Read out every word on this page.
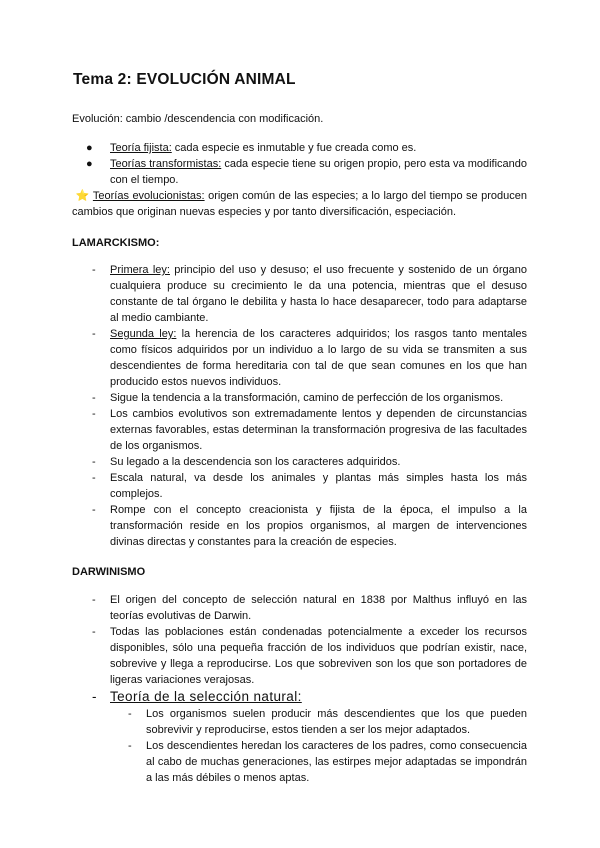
Tema 2: EVOLUCIÓN ANIMAL
Evolución: cambio /descendencia con modificación.
● Teoría fijista: cada especie es inmutable y fue creada como es.
● Teorías transformistas: cada especie tiene su origen propio, pero esta va modificando con el tiempo.
⭐ Teorías evolucionistas: origen común de las especies; a lo largo del tiempo se producen cambios que originan nuevas especies y por tanto diversificación, especiación.
LAMARCKISMO:
- Primera ley: principio del uso y desuso; el uso frecuente y sostenido de un órgano cualquiera produce su crecimiento le da una potencia, mientras que el desuso constante de tal órgano le debilita y hasta lo hace desaparecer, todo para adaptarse al medio cambiante.
- Segunda ley: la herencia de los caracteres adquiridos; los rasgos tanto mentales como físicos adquiridos por un individuo a lo largo de su vida se transmiten a sus descendientes de forma hereditaria con tal de que sean comunes en los que han producido estos nuevos individuos.
- Sigue la tendencia a la transformación, camino de perfección de los organismos.
- Los cambios evolutivos son extremadamente lentos y dependen de circunstancias externas favorables, estas determinan la transformación progresiva de las facultades de los organismos.
- Su legado a la descendencia son los caracteres adquiridos.
- Escala natural, va desde los animales y plantas más simples hasta los más complejos.
- Rompe con el concepto creacionista y fijista de la época, el impulso a la transformación reside en los propios organismos, al margen de intervenciones divinas directas y constantes para la creación de especies.
DARWINISMO
- El origen del concepto de selección natural en 1838 por Malthus influyó en las teorías evolutivas de Darwin.
- Todas las poblaciones están condenadas potencialmente a exceder los recursos disponibles, sólo una pequeña fracción de los individuos que podrían existir, nace, sobrevive y llega a reproducirse. Los que sobreviven son los que son portadores de ligeras variaciones verajosas.
- Teoría de la selección natural:
- Los organismos suelen producir más descendientes que los que pueden sobrevivir y reproducirse, estos tienden a ser los mejor adaptados.
- Los descendientes heredan los caracteres de los padres, como consecuencia al cabo de muchas generaciones, las estirpes mejor adaptadas se impondrán a las más débiles o menos aptas.
